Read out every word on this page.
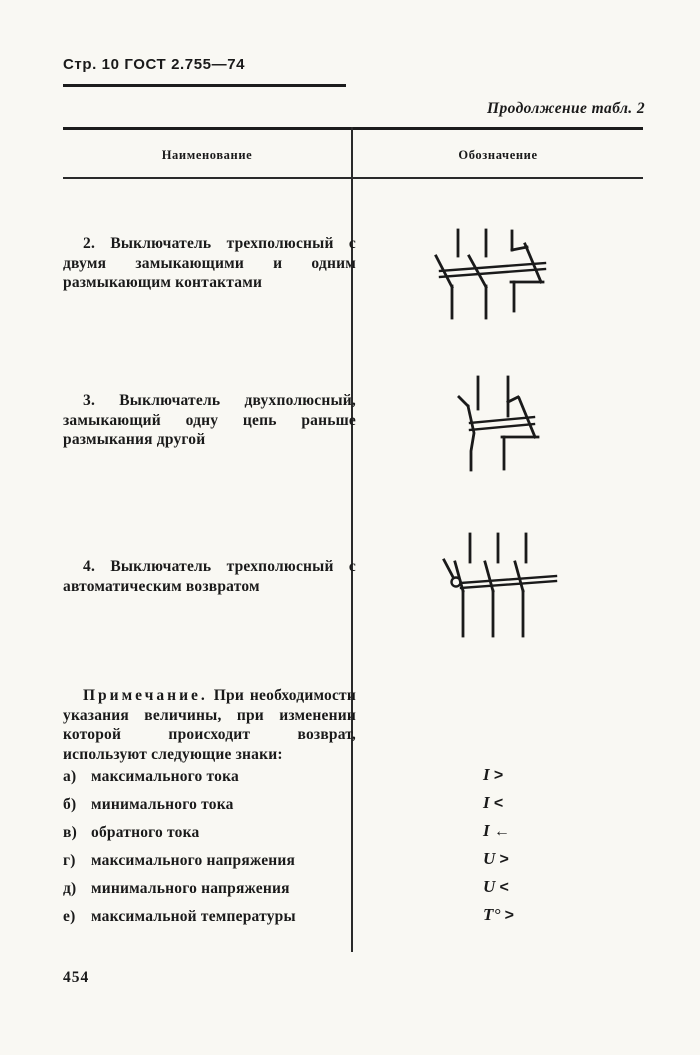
Стр. 10 ГОСТ 2.755—74
Продолжение табл. 2
Наименование	Обозначение
2. Выключатель трехполюсный с двумя замыкающими и одним размыкающим контактами
3. Выключатель двухполюсный, замыкающий одну цепь раньше размыкания другой
4. Выключатель трехполюсный с автоматическим возвратом
Примечание. При необходимости указания величины, при изменении которой происходит возврат, используют следующие знаки:
а) максимального тока	I >
б) минимального тока	I <
в) обратного тока	I ←
г) максимального напряжения	U >
д) минимального напряжения	U <
е) максимальной температуры	T° >
454
